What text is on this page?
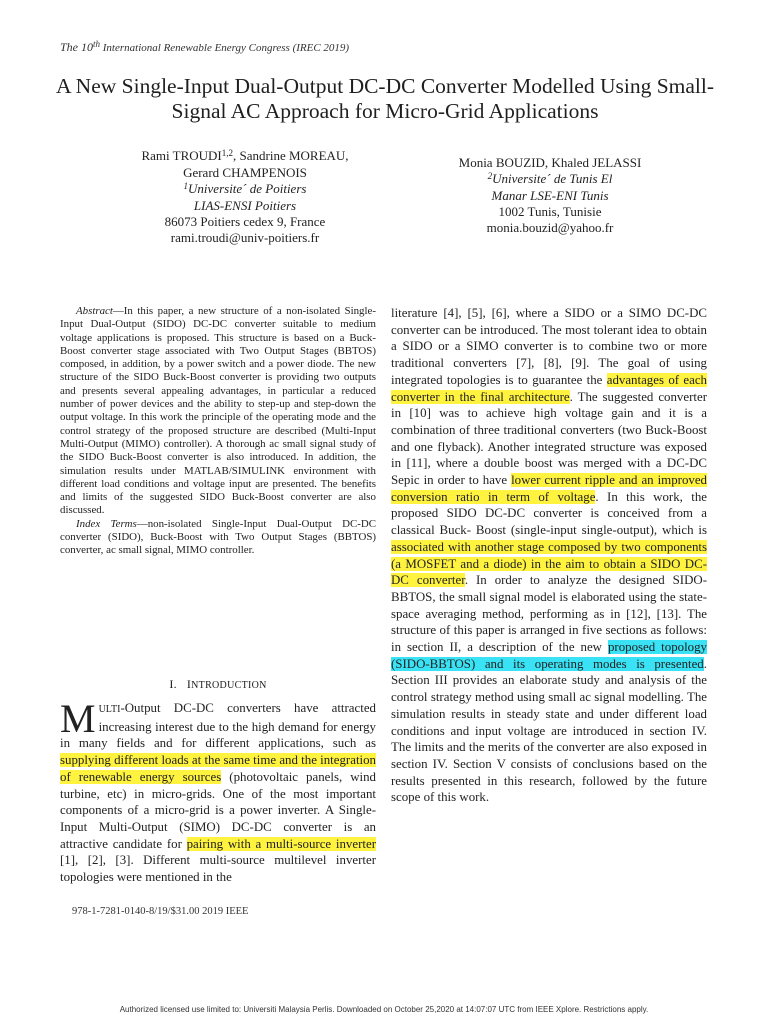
The 10th International Renewable Energy Congress (IREC 2019)
A New Single-Input Dual-Output DC-DC Converter Modelled Using Small-Signal AC Approach for Micro-Grid Applications
Rami TROUDI$^{1,2}$, Sandrine MOREAU,
Gerard CHAMPENOIS
$^1$Universite´ de Poitiers
LIAS-ENSI Poitiers
86073 Poitiers cedex 9, France
rami.troudi@univ-poitiers.fr
Monia BOUZID, Khaled JELASSI
$^2$Universite´ de Tunis El
Manar LSE-ENI Tunis
1002 Tunis, Tunisie
monia.bouzid@yahoo.fr

Abstract—In this paper, a new structure of a non-isolated Single-Input Dual-Output (SIDO) DC-DC converter suitable to medium voltage applications is proposed. This structure is based on a Buck-Boost converter stage associated with Two Output Stages (BBTOS) composed, in addition, by a power switch and a power diode. The new structure of the SIDO Buck-Boost converter is providing two outputs and presents several appealing advantages, in particular a reduced number of power devices and the ability to step-up and step-down the output voltage. In this work the principle of the operating mode and the control strategy of the proposed structure are described (Multi-Input Multi-Output (MIMO) controller). A thorough ac small signal study of the SIDO Buck-Boost converter is also introduced. In addition, the simulation results under MATLAB/SIMULINK environment with different load conditions and voltage input are presented. The benefits and limits of the suggested SIDO Buck-Boost converter are also discussed.

Index Terms—non-isolated Single-Input Dual-Output DC-DC converter (SIDO), Buck-Boost with Two Output Stages (BBTOS) converter, ac small signal, MIMO controller.

I. INTRODUCTION
MULTI-Output DC-DC converters have attracted increasing interest due to the high demand for energy in many fields and for different applications, such as supplying different loads at the same time and the integration of renewable energy sources (photovoltaic panels, wind turbine, etc) in micro-grids. One of the most important components of a micro-grid is a power inverter. A Single-Input Multi-Output (SIMO) DC-DC converter is an attractive candidate for pairing with a multi-source inverter [1], [2], [3]. Different multi-source multilevel inverter topologies were mentioned in the
literature [4], [5], [6], where a SIDO or a SIMO DC-DC converter can be introduced. The most tolerant idea to obtain a SIDO or a SIMO converter is to combine two or more traditional converters [7], [8], [9]. The goal of using integrated topologies is to guarantee the advantages of each converter in the final architecture. The suggested converter in [10] was to achieve high voltage gain and it is a combination of three traditional converters (two Buck-Boost and one flyback). Another integrated structure was exposed in [11], where a double boost was merged with a DC-DC Sepic in order to have lower current ripple and an improved conversion ratio in term of voltage. In this work, the proposed SIDO DC-DC converter is conceived from a classical Buck- Boost (single-input single-output), which is associated with another stage composed by two components (a MOSFET and a diode) in the aim to obtain a SIDO DC-DC converter. In order to analyze the designed SIDO-BBTOS, the small signal model is elaborated using the state-space averaging method, performing as in [12], [13]. The structure of this paper is arranged in five sections as follows: in section II, a description of the new proposed topology (SIDO-BBTOS) and its operating modes is presented. Section III provides an elaborate study and analysis of the control strategy method using small ac signal modelling. The simulation results in steady state and under different load conditions and input voltage are introduced in section IV. The limits and the merits of the converter are also exposed in section IV. Section V consists of conclusions based on the results presented in this research, followed by the future scope of this work.
978-1-7281-0140-8/19/$31.00 2019 IEEE
Authorized licensed use limited to: Universiti Malaysia Perlis. Downloaded on October 25,2020 at 14:07:07 UTC from IEEE Xplore. Restrictions apply.
